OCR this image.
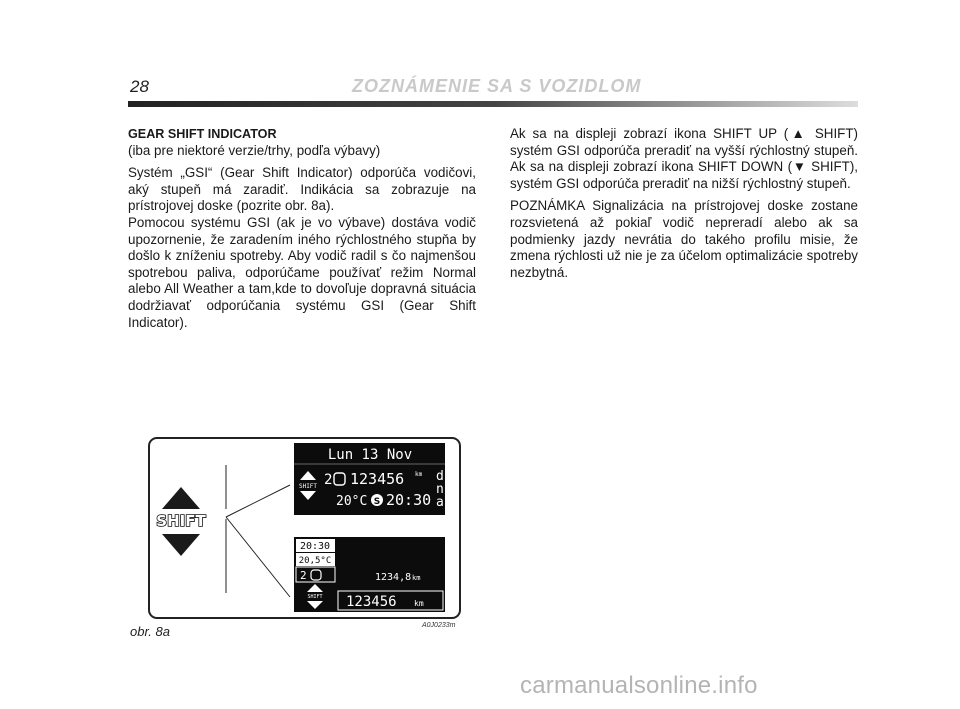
28	ZOZNÁMENIE SA S VOZIDLOM
GEAR SHIFT INDICATOR

(iba pre niektoré verzie/trhy, podľa výbavy)

Systém „GSI“ (Gear Shift Indicator) odporúča vodičovi, aký stupeň má zaradiť. Indikácia sa zobrazuje na prístrojovej doske (pozrite obr. 8a).

Pomocou systému GSI (ak je vo výbave) dostáva vodič upozornenie, že zaradením iného rýchlostného stupňa by došlo k zníženiu spotreby. Aby vodič radil s čo najmenšou spotrebou paliva, odporúčame používať režim Normal alebo All Weather a tam,kde to dovoľuje dopravná situácia dodržiavať odporúčania systému GSI (Gear Shift Indicator).

Ak sa na displeji zobrazí ikona SHIFT UP (▲ SHIFT) systém GSI odporúča preradiť na vyšší rýchlostný stupeň. Ak sa na displeji zobrazí ikona SHIFT DOWN (▼ SHIFT), systém GSI odporúča preradiť na nižší rýchlostný stupeň.

POZNÁMKA Signalizácia na prístrojovej doske zostane rozsvietená až pokiaľ vodič nepreradí alebo ak sa podmienky jazdy nevrátia do takého profilu misie, že zmena rýchlosti už nie je za účelom optimalizácie spotreby nezbytná.

SHIFT
Lun 13 Nov
SHIFT 2 123456 km
20°C S 20:30
d
n
a
20:30
20,5°C
2
SHIFT
1234,8 km
123456 km
obr. 8a	A0J0233m
carmanualsonline.info
